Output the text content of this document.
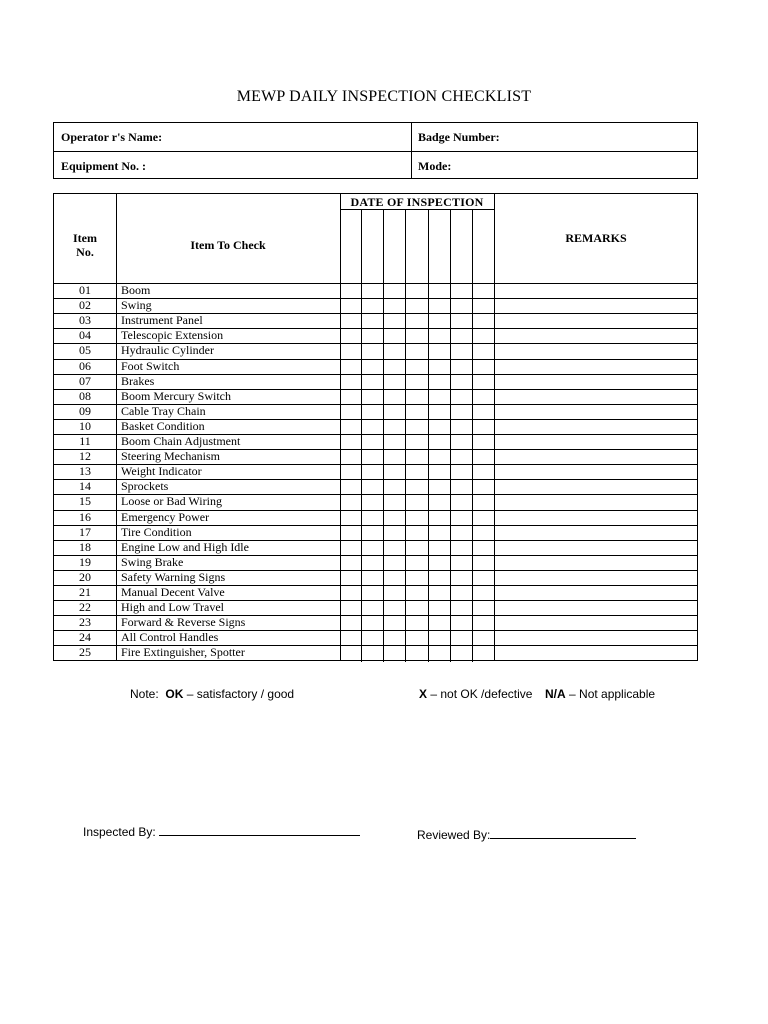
MEWP DAILY INSPECTION CHECKLIST
Operator r's Name:	Badge Number:
Equipment No. :	Mode:
Item
No.	Item To Check
DATE OF INSPECTION
REMARKS
01	Boom
02	Swing
03	Instrument Panel
04	Telescopic Extension
05	Hydraulic Cylinder
06	Foot Switch
07	Brakes
08	Boom Mercury Switch
09	Cable Tray Chain
10	Basket Condition
11	Boom Chain Adjustment
12	Steering Mechanism
13	Weight Indicator
14	Sprockets
15	Loose or Bad Wiring
16	Emergency Power
17	Tire Condition
18	Engine Low and High Idle
19	Swing Brake
20	Safety Warning Signs
21	Manual Decent Valve
22	High and Low Travel
23	Forward & Reverse Signs
24	All Control Handles
25	Fire Extinguisher, Spotter
Note: OK – satisfactory / good	X – not OK /defective N/A – Not applicable
Inspected By:	Reviewed By:
